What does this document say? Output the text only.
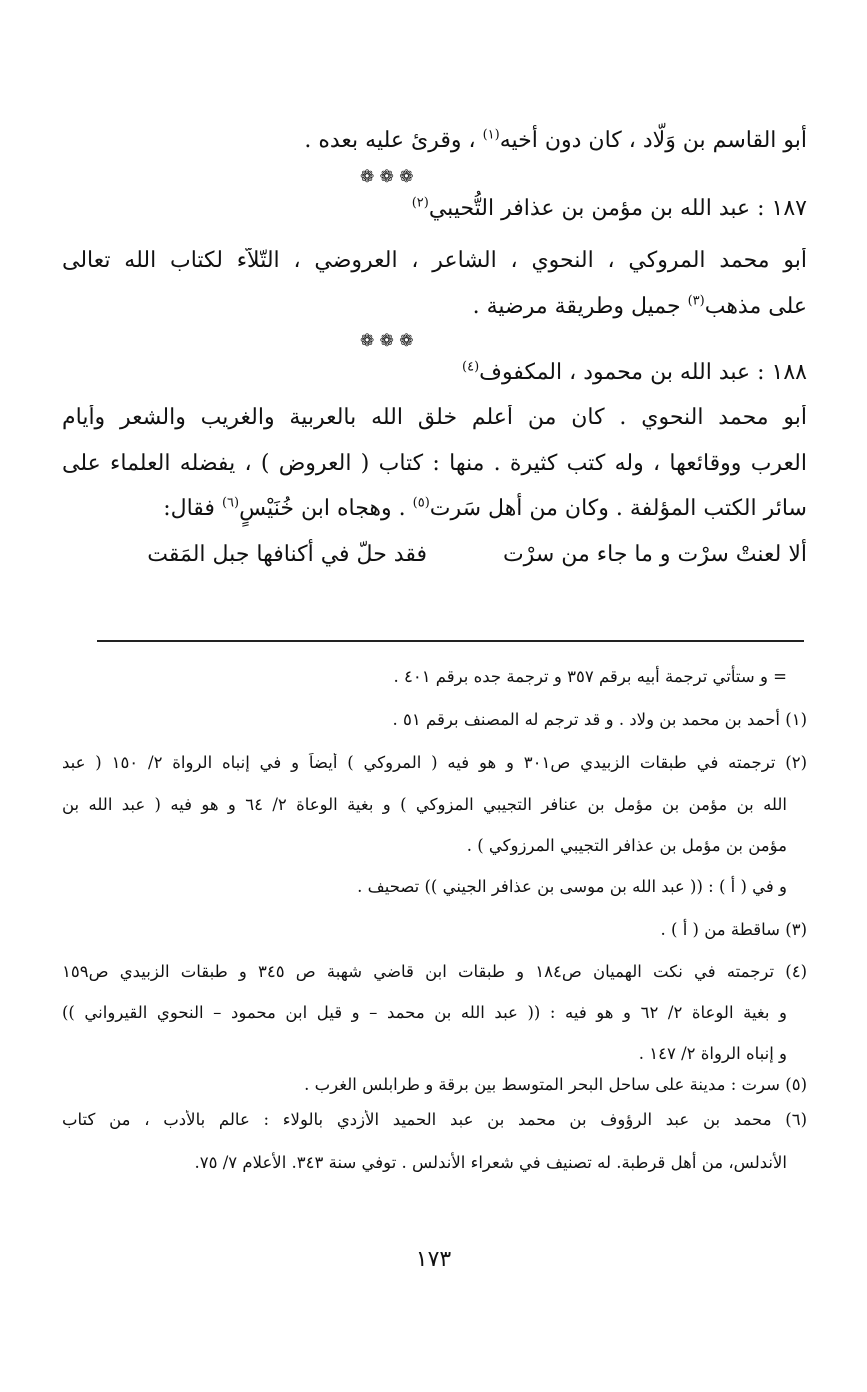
أبو القاسم بن وَلّاد ، كان دون أخيه$^{(١)}$ ، وقرئ عليه بعده .
❁ ❁ ❁
١٨٧ : عبد الله بن مؤمن بن عذافر التُّحيبي$^{(٢)}$
أبو محمد المروكي ، النحوي ، الشاعر ، العروضي ، التّلاّء لكتاب الله تعالى
على مذهب$^{(٣)}$ جميل وطريقة مرضية .
❁ ❁ ❁
١٨٨ : عبد الله بن محمود ، المكفوف$^{(٤)}$
أبو محمد النحوي . كان من أعلم خلق الله بالعربية والغريب والشعر وأيام
العرب ووقائعها ، وله كتب كثيرة . منها : كتاب ( العروض ) ، يفضله العلماء على
سائر الكتب المؤلفة . وكان من أهل سَرت$^{(٥)}$ . وهجاه ابن خُنَيْسٍ$^{(٦)}$ فقال:
ألا لعنتْ سرْت و ما جاء من سرْت
فقد حلّ في أكنافها جبل المَقت
= و ستأتي ترجمة أبيه برقم ٣٥٧ و ترجمة جده برقم ٤٠١ .
(١) أحمد بن محمد بن ولاد . و قد ترجم له المصنف برقم ٥١ .
(٢) ترجمته في طبقات الزبيدي ص٣٠١ و هو فيه ( المروكي ) أيضاً و في إنباه الرواة ٢/ ١٥٠ ( عبد
الله بن مؤمن بن مؤمل بن عنافر التجيبي المزوكي ) و بغية الوعاة ٢/ ٦٤ و هو فيه ( عبد الله بن
مؤمن بن مؤمل بن عذافر التجيبي المرزوكي ) .
و في ( أ ) : (( عبد الله بن موسى بن عذافر الجيني )) تصحيف .
(٣) ساقطة من ( أ ) .
(٤) ترجمته في نكت الهميان ص١٨٤ و طبقات ابن قاضي شهبة ص ٣٤٥ و طبقات الزبيدي ص١٥٩
و بغية الوعاة ٢/ ٦٢ و هو فيه : (( عبد الله بن محمد – و قيل ابن محمود – النحوي القيرواني ))
و إنباه الرواة ٢/ ١٤٧ .
(٥) سرت : مدينة على ساحل البحر المتوسط بين برقة و طرابلس الغرب .
(٦) محمد بن عبد الرؤوف بن محمد بن عبد الحميد الأزدي بالولاء : عالم بالأدب ، من كتاب
الأندلس، من أهل قرطبة. له تصنيف في شعراء الأندلس . توفي سنة ٣٤٣. الأعلام ٧/ ٧٥.
١٧٣
